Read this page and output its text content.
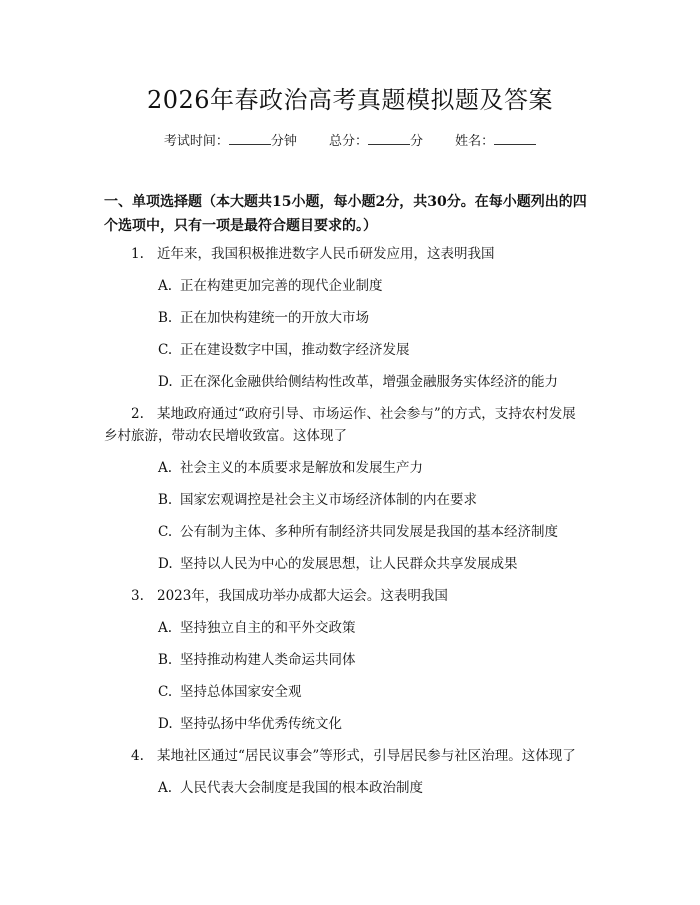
2026年春政治高考真题模拟题及答案
考试时间：	分钟 总分：	分 姓名：
一、单项选择题（本大题共15小题，每小题2分，共30分。在每小题列出的四个选项中，只有一项是最符合题目要求的。）
1. 近年来，我国积极推进数字人民币研发应用，这表明我国
A. 正在构建更加完善的现代企业制度
B. 正在加快构建统一的开放大市场
C. 正在建设数字中国，推动数字经济发展
D. 正在深化金融供给侧结构性改革，增强金融服务实体经济的能力
2. 某地政府通过“政府引导、市场运作、社会参与”的方式，支持农村发展
乡村旅游，带动农民增收致富。这体现了
A. 社会主义的本质要求是解放和发展生产力
B. 国家宏观调控是社会主义市场经济体制的内在要求
C. 公有制为主体、多种所有制经济共同发展是我国的基本经济制度
D. 坚持以人民为中心的发展思想，让人民群众共享发展成果
3. 2023年，我国成功举办成都大运会。这表明我国
A. 坚持独立自主的和平外交政策
B. 坚持推动构建人类命运共同体
C. 坚持总体国家安全观
D. 坚持弘扬中华优秀传统文化
4. 某地社区通过“居民议事会”等形式，引导居民参与社区治理。这体现了
A. 人民代表大会制度是我国的根本政治制度
